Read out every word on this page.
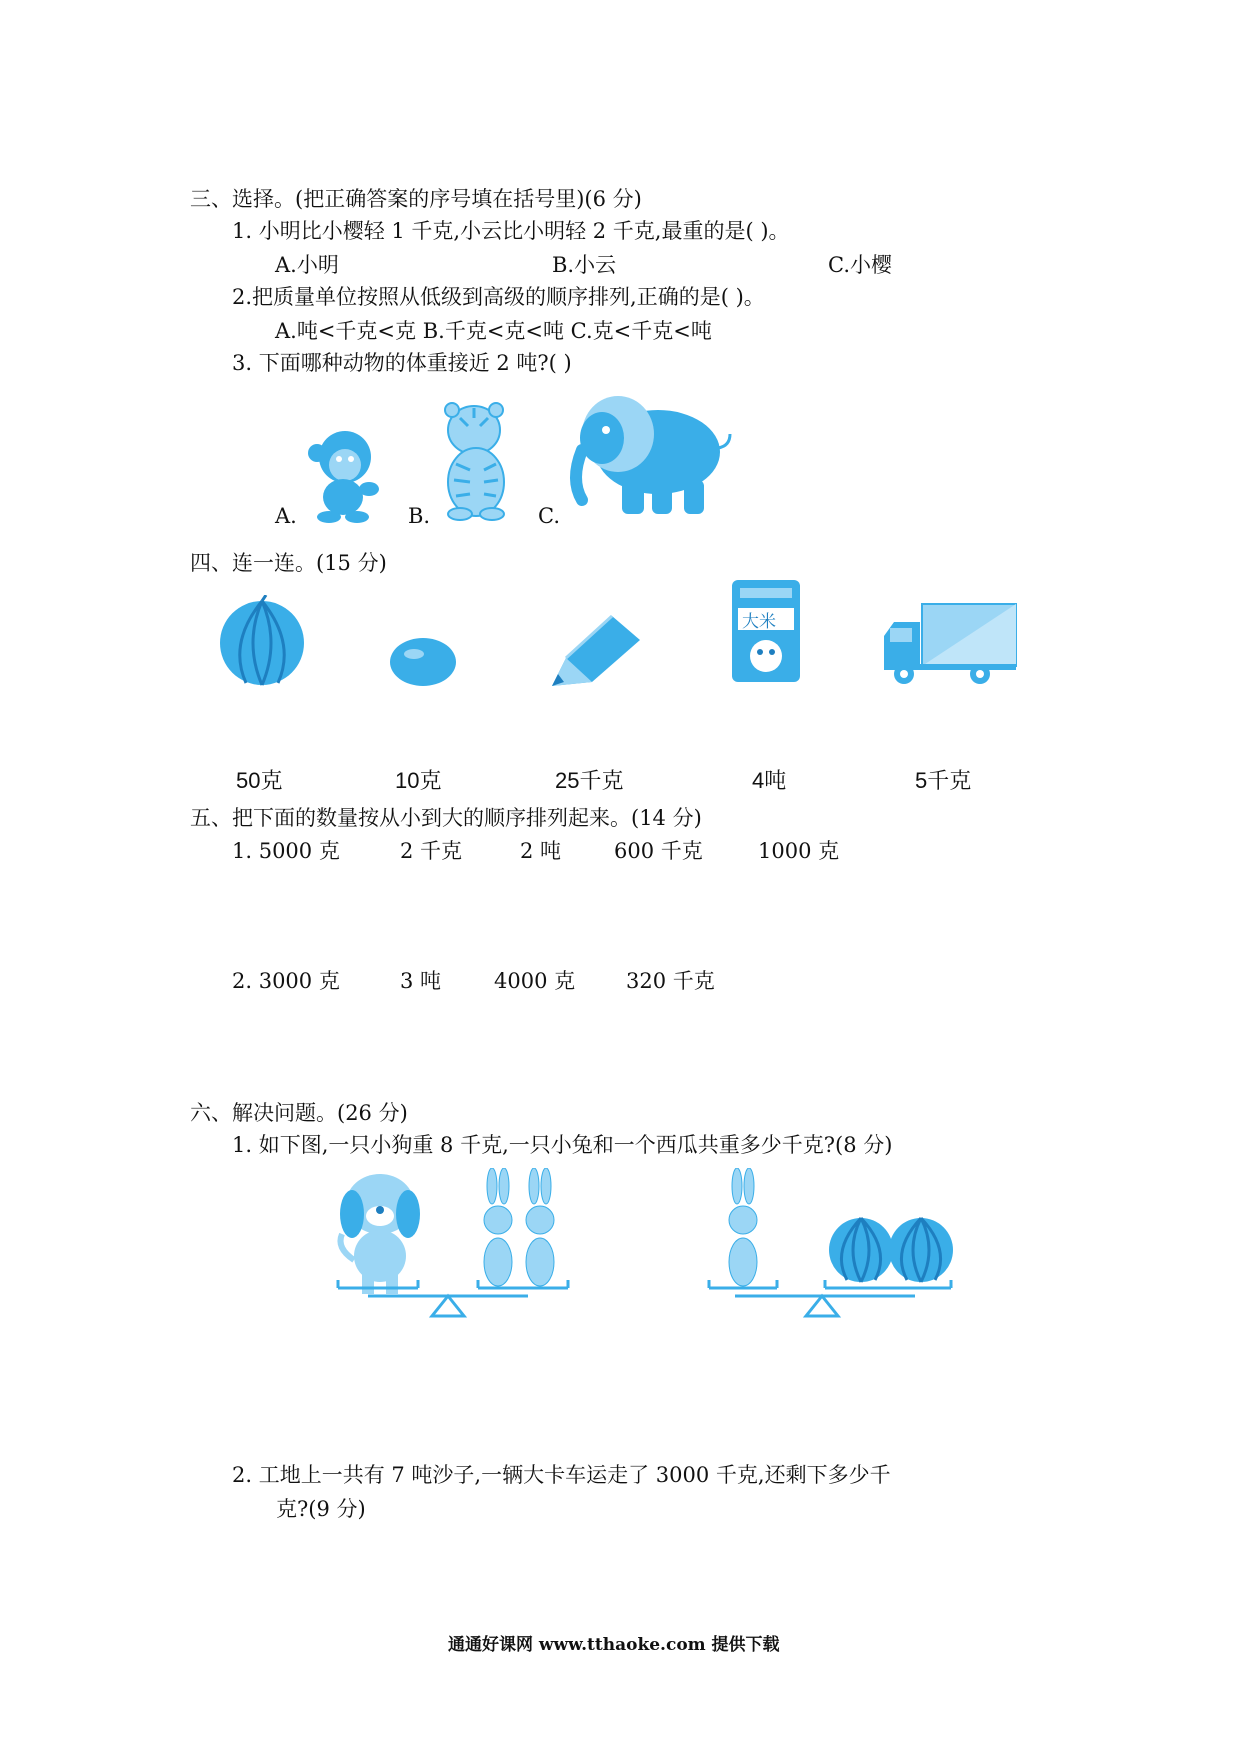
三、选择。(把正确答案的序号填在括号里)(6 分)
1. 小明比小樱轻 1 千克,小云比小明轻 2 千克,最重的是( )。
A.小明	B.小云	C.小樱
2.把质量单位按照从低级到高级的顺序排列,正确的是( )。
A.吨<千克<克 B.千克<克<吨 C.克<千克<吨
3. 下面哪种动物的体重接近 2 吨?( )
A.	B.	C.
四、连一连。(15 分)
大米
50克	10克	25千克	4吨	5千克
五、把下面的数量按从小到大的顺序排列起来。(14 分)
1. 5000 克	2 千克	2 吨	600 千克	1000 克
2. 3000 克	3 吨	4000 克 320 千克
六、解决问题。(26 分)
1. 如下图,一只小狗重 8 千克,一只小兔和一个西瓜共重多少千克?(8 分)
2. 工地上一共有 7 吨沙子,一辆大卡车运走了 3000 千克,还剩下多少千
克?(9 分)
通通好课网 www.tthaoke.com 提供下载
